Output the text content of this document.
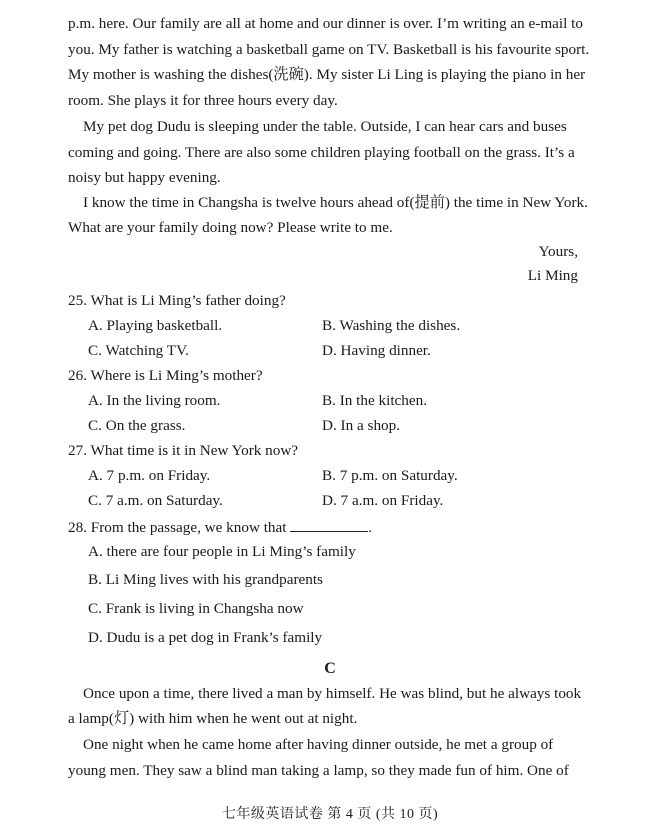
p.m. here. Our family are all at home and our dinner is over. I’m writing an e-mail to
you. My father is watching a basketball game on TV. Basketball is his favourite sport.
My mother is washing the dishes(洗碗). My sister Li Ling is playing the piano in her
room. She plays it for three hours every day.
My pet dog Dudu is sleeping under the table. Outside, I can hear cars and buses
coming and going. There are also some children playing football on the grass. It’s a
noisy but happy evening.
I know the time in Changsha is twelve hours ahead of(提前) the time in New York.
What are your family doing now? Please write to me.
Yours,
Li Ming
25. What is Li Ming’s father doing?
A. Playing basketball.	B. Washing the dishes.
C. Watching TV.	D. Having dinner.
26. Where is Li Ming’s mother?
A. In the living room.	B. In the kitchen.
C. On the grass.	D. In a shop.
27. What time is it in New York now?
A. 7 p.m. on Friday.	B. 7 p.m. on Saturday.
C. 7 a.m. on Saturday.	D. 7 a.m. on Friday.
28. From the passage, we know that	.
A. there are four people in Li Ming’s family
B. Li Ming lives with his grandparents
C. Frank is living in Changsha now
D. Dudu is a pet dog in Frank’s family
C
Once upon a time, there lived a man by himself. He was blind, but he always took
a lamp(灯) with him when he went out at night.
One night when he came home after having dinner outside, he met a group of
young men. They saw a blind man taking a lamp, so they made fun of him. One of
七年级英语试卷 第 4 页 (共 10 页)
